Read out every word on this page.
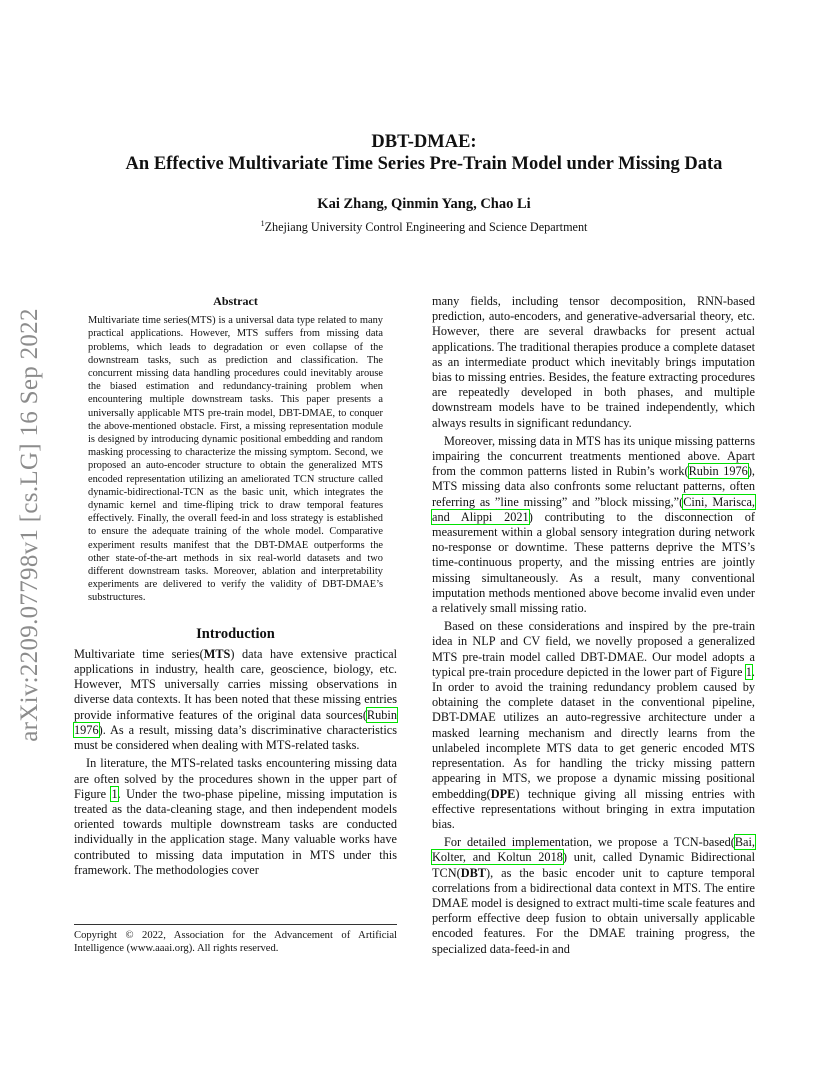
arXiv:2209.07798v1 [cs.LG] 16 Sep 2022
DBT-DMAE:
An Effective Multivariate Time Series Pre-Train Model under Missing Data
Kai Zhang, Qinmin Yang, Chao Li
$^1$Zhejiang University Control Engineering and Science Department
Abstract

Multivariate time series(MTS) is a universal data type related to many practical applications. However, MTS suffers from missing data problems, which leads to degradation or even collapse of the downstream tasks, such as prediction and classification. The concurrent missing data handling procedures could inevitably arouse the biased estimation and redundancy-training problem when encountering multiple downstream tasks. This paper presents a universally applicable MTS pre-train model, DBT-DMAE, to conquer the above-mentioned obstacle. First, a missing representation module is designed by introducing dynamic positional embedding and random masking processing to characterize the missing symptom. Second, we proposed an auto-encoder structure to obtain the generalized MTS encoded representation utilizing an ameliorated TCN structure called dynamic-bidirectional-TCN as the basic unit, which integrates the dynamic kernel and time-fliping trick to draw temporal features effectively. Finally, the overall feed-in and loss strategy is established to ensure the adequate training of the whole model. Comparative experiment results manifest that the DBT-DMAE outperforms the other state-of-the-art methods in six real-world datasets and two different downstream tasks. Moreover, ablation and interpretability experiments are delivered to verify the validity of DBT-DMAE’s substructures.

Introduction

Multivariate time series(MTS) data have extensive practical applications in industry, health care, geoscience, biology, etc. However, MTS universally carries missing observations in diverse data contexts. It has been noted that these missing entries provide informative features of the original data sources(Rubin 1976). As a result, missing data’s discriminative characteristics must be considered when dealing with MTS-related tasks.

In literature, the MTS-related tasks encountering missing data are often solved by the procedures shown in the upper part of Figure 1. Under the two-phase pipeline, missing imputation is treated as the data-cleaning stage, and then independent models oriented towards multiple downstream tasks are conducted individually in the application stage. Many valuable works have contributed to missing data imputation in MTS under this framework. The methodologies cover

Copyright © 2022, Association for the Advancement of Artificial Intelligence (www.aaai.org). All rights reserved.

many fields, including tensor decomposition, RNN-based prediction, auto-encoders, and generative-adversarial theory, etc. However, there are several drawbacks for present actual applications. The traditional therapies produce a complete dataset as an intermediate product which inevitably brings imputation bias to missing entries. Besides, the feature extracting procedures are repeatedly developed in both phases, and multiple downstream models have to be trained independently, which always results in significant redundancy.

Moreover, missing data in MTS has its unique missing patterns impairing the concurrent treatments mentioned above. Apart from the common patterns listed in Rubin’s work(Rubin 1976), MTS missing data also confronts some reluctant patterns, often referring as ”line missing” and ”block missing,”(Cini, Marisca, and Alippi 2021) contributing to the disconnection of measurement within a global sensory integration during network no-response or downtime. These patterns deprive the MTS’s time-continuous property, and the missing entries are jointly missing simultaneously. As a result, many conventional imputation methods mentioned above become invalid even under a relatively small missing ratio.

Based on these considerations and inspired by the pre-train idea in NLP and CV field, we novelly proposed a generalized MTS pre-train model called DBT-DMAE. Our model adopts a typical pre-train procedure depicted in the lower part of Figure 1. In order to avoid the training redundancy problem caused by obtaining the complete dataset in the conventional pipeline, DBT-DMAE utilizes an auto-regressive architecture under a masked learning mechanism and directly learns from the unlabeled incomplete MTS data to get generic encoded MTS representation. As for handling the tricky missing pattern appearing in MTS, we propose a dynamic missing positional embedding(DPE) technique giving all missing entries with effective representations without bringing in extra imputation bias.

For detailed implementation, we propose a TCN-based(Bai, Kolter, and Koltun 2018) unit, called Dynamic Bidirectional TCN(DBT), as the basic encoder unit to capture temporal correlations from a bidirectional data context in MTS. The entire DMAE model is designed to extract multi-time scale features and perform effective deep fusion to obtain universally applicable encoded features. For the DMAE training progress, the specialized data-feed-in and
